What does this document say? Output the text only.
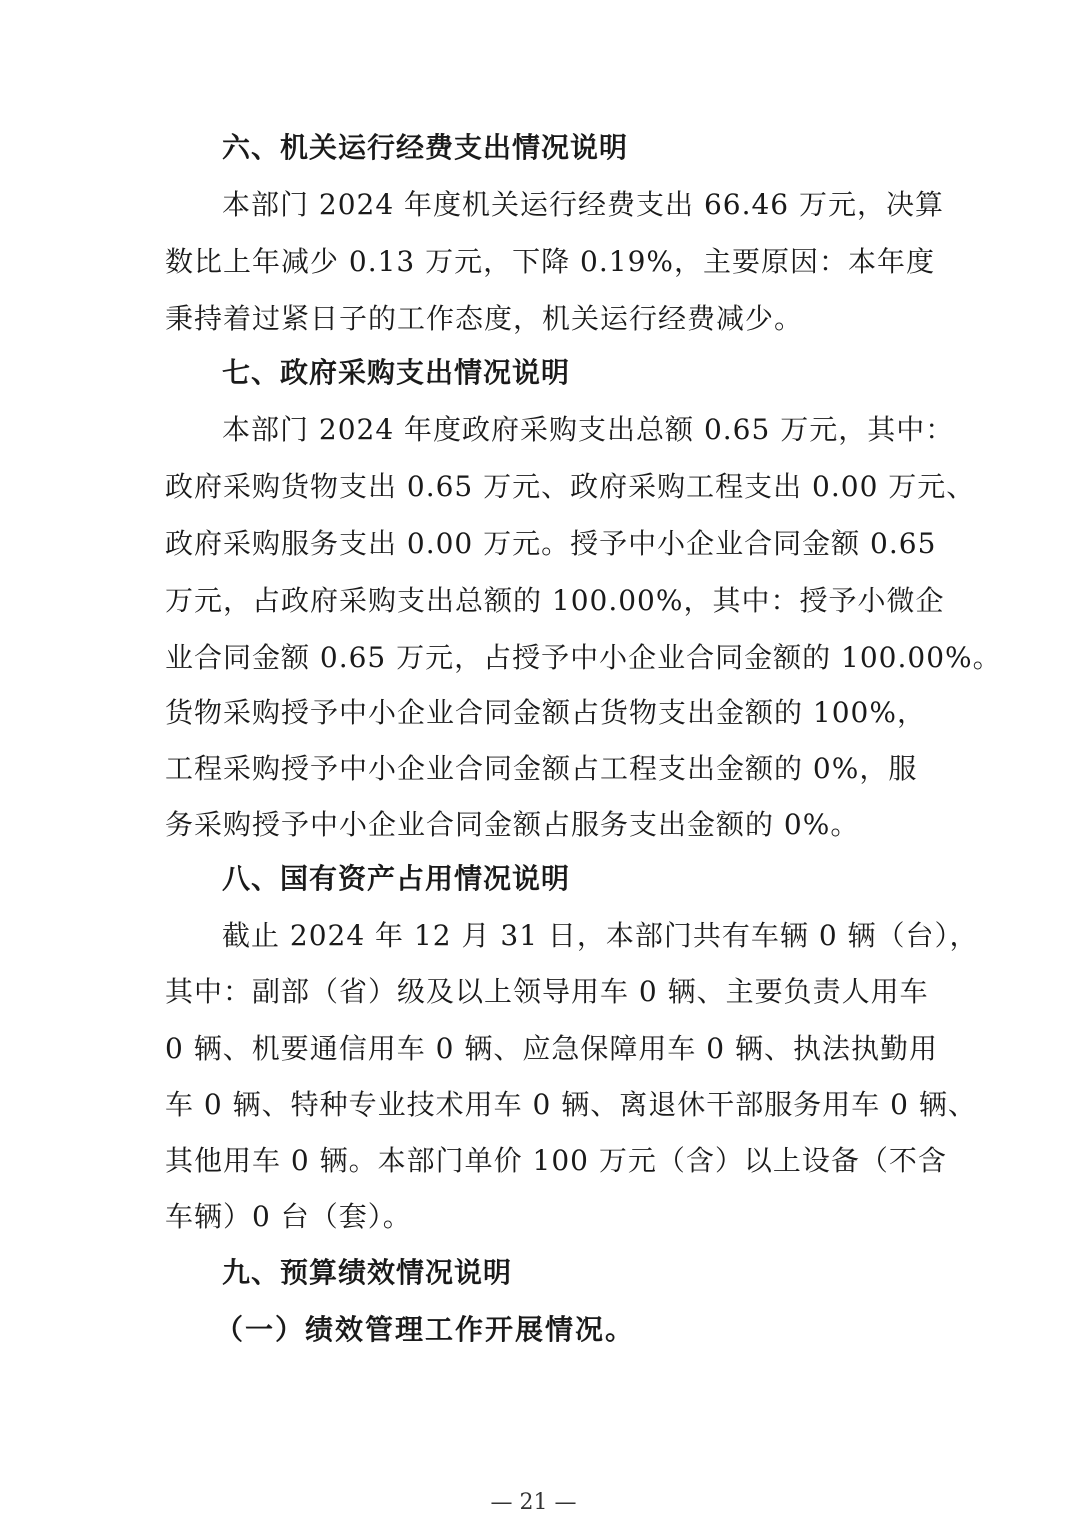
六、机关运行经费支出情况说明
本部门 2024 年度机关运行经费支出 66.46 万元，决算
数比上年减少 0.13 万元，下降 0.19%，主要原因：本年度
秉持着过紧日子的工作态度，机关运行经费减少。
七、政府采购支出情况说明
本部门 2024 年度政府采购支出总额 0.65 万元，其中：
政府采购货物支出 0.65 万元、政府采购工程支出 0.00 万元、
政府采购服务支出 0.00 万元。授予中小企业合同金额 0.65
万元，占政府采购支出总额的 100.00%，其中：授予小微企
业合同金额 0.65 万元，占授予中小企业合同金额的 100.00%。
货物采购授予中小企业合同金额占货物支出金额的 100%，
工程采购授予中小企业合同金额占工程支出金额的 0%，服
务采购授予中小企业合同金额占服务支出金额的 0%。
八、国有资产占用情况说明
截止 2024 年 12 月 31 日，本部门共有车辆 0 辆（台），
其中：副部（省）级及以上领导用车 0 辆、主要负责人用车
0 辆、机要通信用车 0 辆、应急保障用车 0 辆、执法执勤用
车 0 辆、特种专业技术用车 0 辆、离退休干部服务用车 0 辆、
其他用车 0 辆。本部门单价 100 万元（含）以上设备（不含
车辆）0 台（套）。
九、预算绩效情况说明
（一）绩效管理工作开展情况。
— 21 —
